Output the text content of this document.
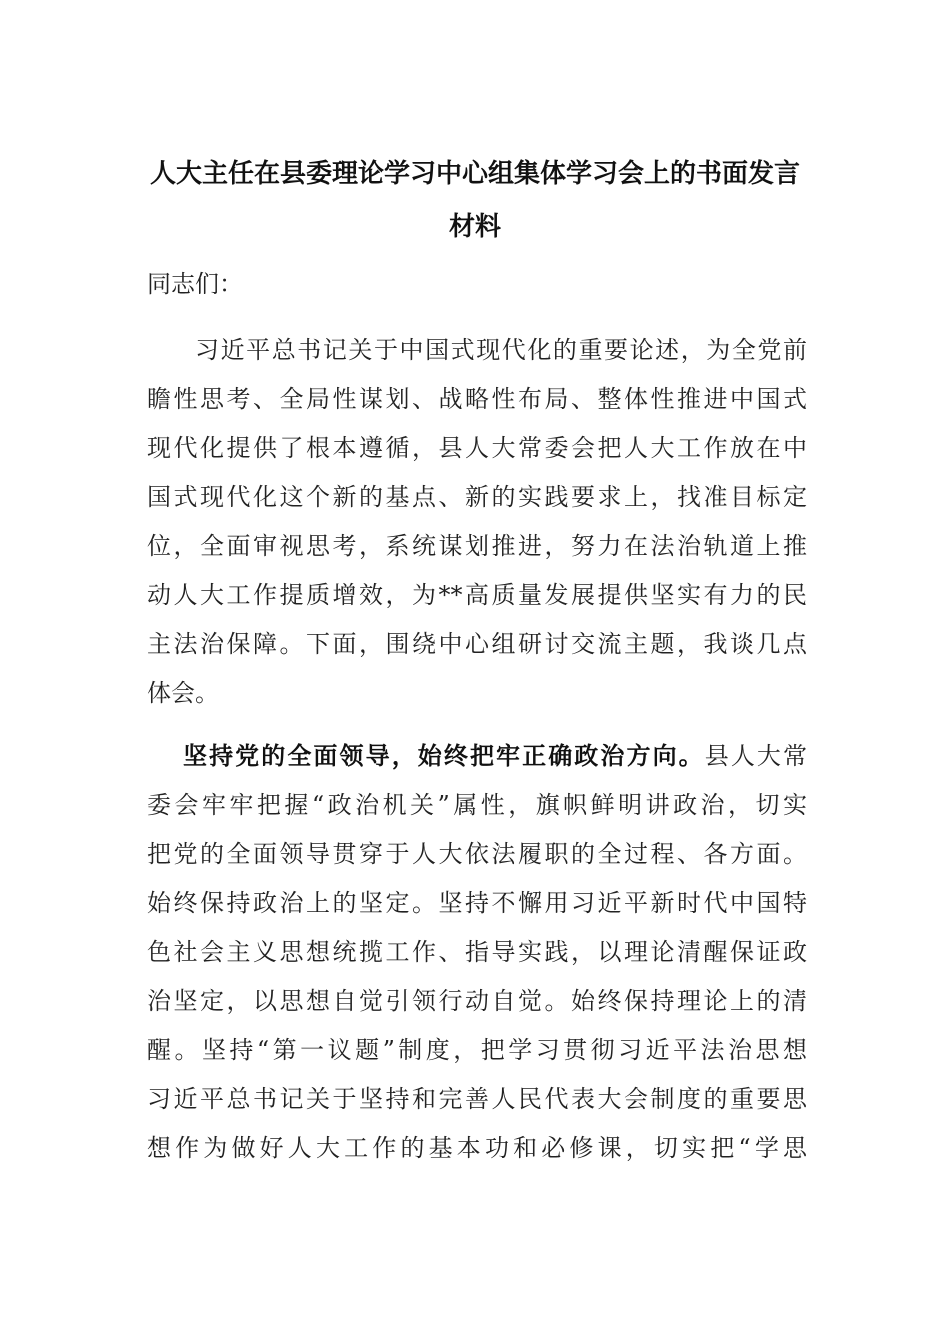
人大主任在县委理论学习中心组集体学习会上的书面发言
材料
同志们：
习近平总书记关于中国式现代化的重要论述，为全党前
瞻性思考、全局性谋划、战略性布局、整体性推进中国式
现代化提供了根本遵循，县人大常委会把人大工作放在中
国式现代化这个新的基点、新的实践要求上，找准目标定
位，全面审视思考，系统谋划推进，努力在法治轨道上推
动人大工作提质增效，为**高质量发展提供坚实有力的民
主法治保障。下面，围绕中心组研讨交流主题，我谈几点
体会。
坚持党的全面领导，始终把牢正确政治方向。县人大常
委会牢牢把握“政治机关”属性，旗帜鲜明讲政治，切实
把党的全面领导贯穿于人大依法履职的全过程、各方面。
始终保持政治上的坚定。坚持不懈用习近平新时代中国特
色社会主义思想统揽工作、指导实践，以理论清醒保证政
治坚定，以思想自觉引领行动自觉。始终保持理论上的清
醒。坚持“第一议题”制度，把学习贯彻习近平法治思想
习近平总书记关于坚持和完善人民代表大会制度的重要思
想作为做好人大工作的基本功和必修课，切实把“学思
